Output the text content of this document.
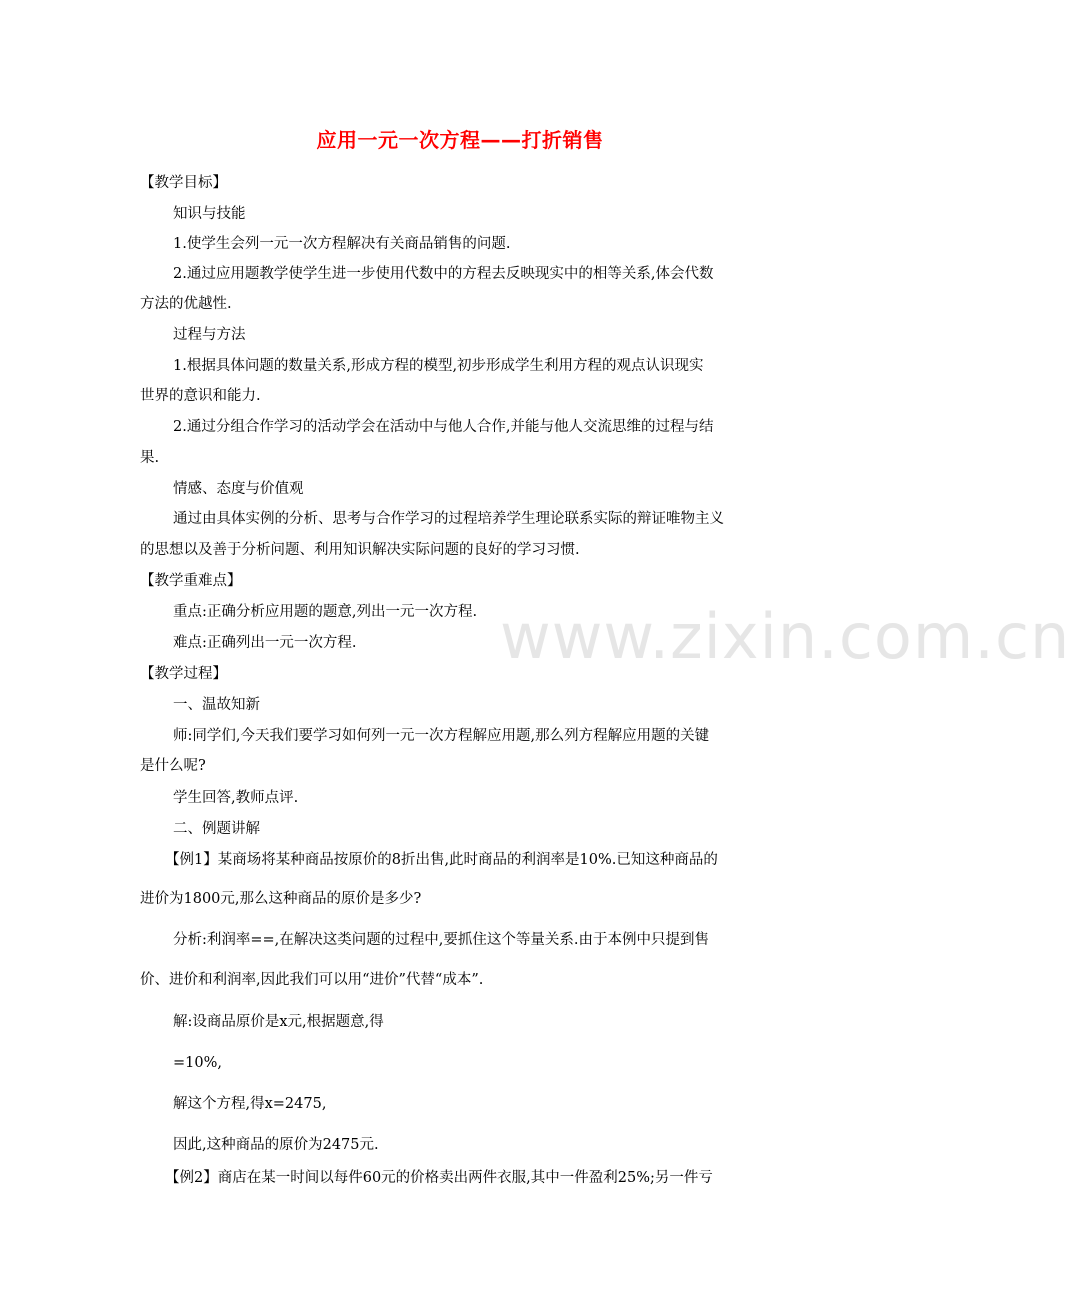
www.zixin.com.cn
应用一元一次方程——打折销售
【教学目标】
知识与技能
1.使学生会列一元一次方程解决有关商品销售的问题.
2.通过应用题教学使学生进一步使用代数中的方程去反映现实中的相等关系,体会代数
方法的优越性.
过程与方法
1.根据具体问题的数量关系,形成方程的模型,初步形成学生利用方程的观点认识现实
世界的意识和能力.
2.通过分组合作学习的活动学会在活动中与他人合作,并能与他人交流思维的过程与结
果.
情感、态度与价值观
通过由具体实例的分析、思考与合作学习的过程培养学生理论联系实际的辩证唯物主义
的思想以及善于分析问题、利用知识解决实际问题的良好的学习习惯.
【教学重难点】
重点:正确分析应用题的题意,列出一元一次方程.
难点:正确列出一元一次方程.
【教学过程】
一、温故知新
师:同学们,今天我们要学习如何列一元一次方程解应用题,那么列方程解应用题的关键
是什么呢?
学生回答,教师点评.
二、例题讲解
【例1】某商场将某种商品按原价的8折出售,此时商品的利润率是10%.已知这种商品的
进价为1800元,那么这种商品的原价是多少?
分析:利润率==,在解决这类问题的过程中,要抓住这个等量关系.由于本例中只提到售
价、进价和利润率,因此我们可以用“进价”代替“成本”.
解:设商品原价是x元,根据题意,得
=10%,
解这个方程,得x=2475,
因此,这种商品的原价为2475元.
【例2】商店在某一时间以每件60元的价格卖出两件衣服,其中一件盈利25%;另一件亏
